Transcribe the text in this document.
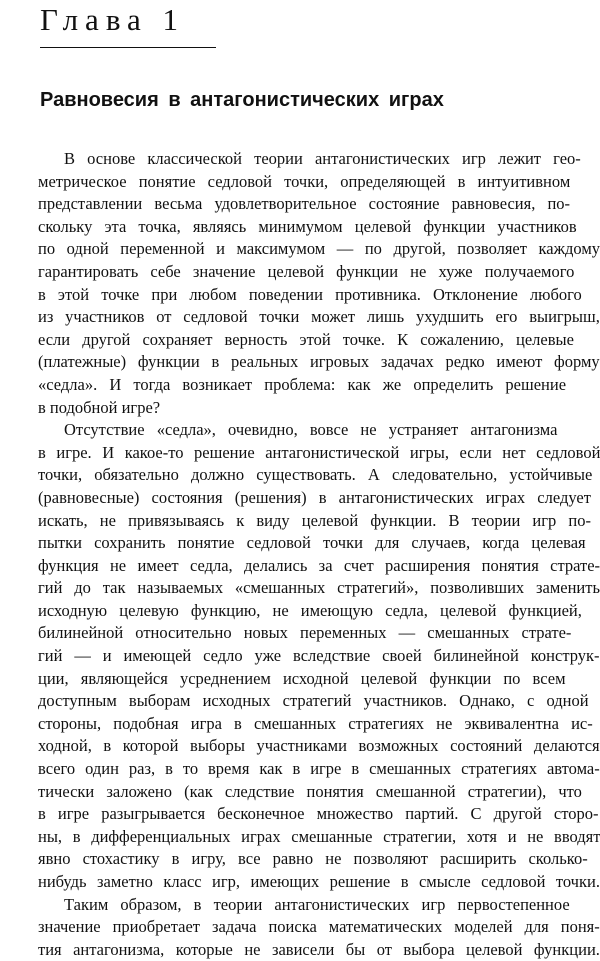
Глава 1
Равновесия в антагонистических играх
В основе классической теории антагонистических игр лежит гео-
метрическое понятие седловой точки, определяющей в интуитивном
представлении весьма удовлетворительное состояние равновесия, по-
скольку эта точка, являясь минимумом целевой функции участников
по одной переменной и максимумом — по другой, позволяет каждому
гарантировать себе значение целевой функции не хуже получаемого
в этой точке при любом поведении противника. Отклонение любого
из участников от седловой точки может лишь ухудшить его выигрыш,
если другой сохраняет верность этой точке. К сожалению, целевые
(платежные) функции в реальных игровых задачах редко имеют форму
«седла». И тогда возникает проблема: как же определить решение
в подобной игре?
Отсутствие «седла», очевидно, вовсе не устраняет антагонизма
в игре. И какое-то решение антагонистической игры, если нет седловой
точки, обязательно должно существовать. А следовательно, устойчивые
(равновесные) состояния (решения) в антагонистических играх следует
искать, не привязываясь к виду целевой функции. В теории игр по-
пытки сохранить понятие седловой точки для случаев, когда целевая
функция не имеет седла, делались за счет расширения понятия страте-
гий до так называемых «смешанных стратегий», позволивших заменить
исходную целевую функцию, не имеющую седла, целевой функцией,
билинейной относительно новых переменных — смешанных страте-
гий — и имеющей седло уже вследствие своей билинейной конструк-
ции, являющейся усреднением исходной целевой функции по всем
доступным выборам исходных стратегий участников. Однако, с одной
стороны, подобная игра в смешанных стратегиях не эквивалентна ис-
ходной, в которой выборы участниками возможных состояний делаются
всего один раз, в то время как в игре в смешанных стратегиях автома-
тически заложено (как следствие понятия смешанной стратегии), что
в игре разыгрывается бесконечное множество партий. С другой сторо-
ны, в дифференциальных играх смешанные стратегии, хотя и не вводят
явно стохастику в игру, все равно не позволяют расширить сколько-
нибудь заметно класс игр, имеющих решение в смысле седловой точки.
Таким образом, в теории антагонистических игр первостепенное
значение приобретает задача поиска математических моделей для поня-
тия антагонизма, которые не зависели бы от выбора целевой функции.
